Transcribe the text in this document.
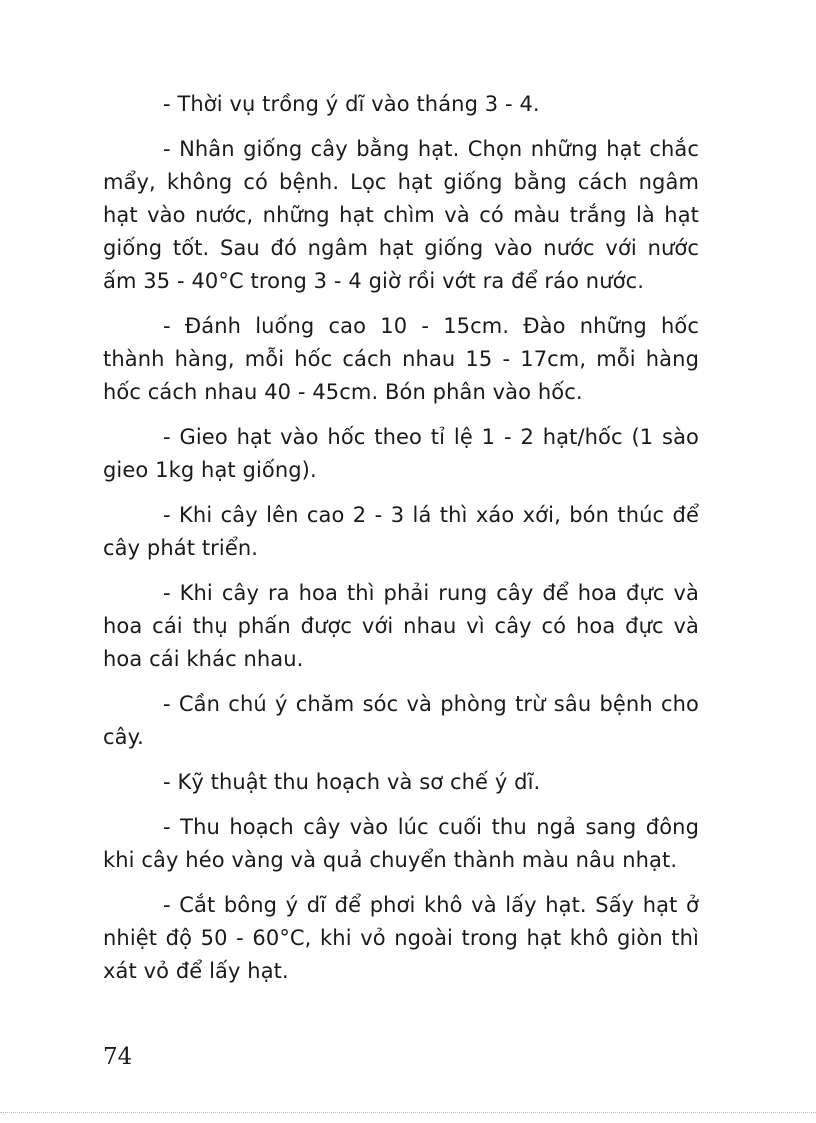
- Thời vụ trồng ý dĩ vào tháng 3 - 4.

- Nhân giống cây bằng hạt. Chọn những hạt chắc mẩy, không có bệnh. Lọc hạt giống bằng cách ngâm hạt vào nước, những hạt chìm và có màu trắng là hạt giống tốt. Sau đó ngâm hạt giống vào nước với nước ấm 35 - 40°C trong 3 - 4 giờ rồi vớt ra để ráo nước.

- Đánh luống cao 10 - 15cm. Đào những hốc thành hàng, mỗi hốc cách nhau 15 - 17cm, mỗi hàng hốc cách nhau 40 - 45cm. Bón phân vào hốc.

- Gieo hạt vào hốc theo tỉ lệ 1 - 2 hạt/hốc (1 sào gieo 1kg hạt giống).

- Khi cây lên cao 2 - 3 lá thì xáo xới, bón thúc để cây phát triển.

- Khi cây ra hoa thì phải rung cây để hoa đực và hoa cái thụ phấn được với nhau vì cây có hoa đực và hoa cái khác nhau.

- Cần chú ý chăm sóc và phòng trừ sâu bệnh cho cây.

- Kỹ thuật thu hoạch và sơ chế ý dĩ.

- Thu hoạch cây vào lúc cuối thu ngả sang đông khi cây héo vàng và quả chuyển thành màu nâu nhạt.

- Cắt bông ý dĩ để phơi khô và lấy hạt. Sấy hạt ở nhiệt độ 50 - 60°C, khi vỏ ngoài trong hạt khô giòn thì xát vỏ để lấy hạt.

74
